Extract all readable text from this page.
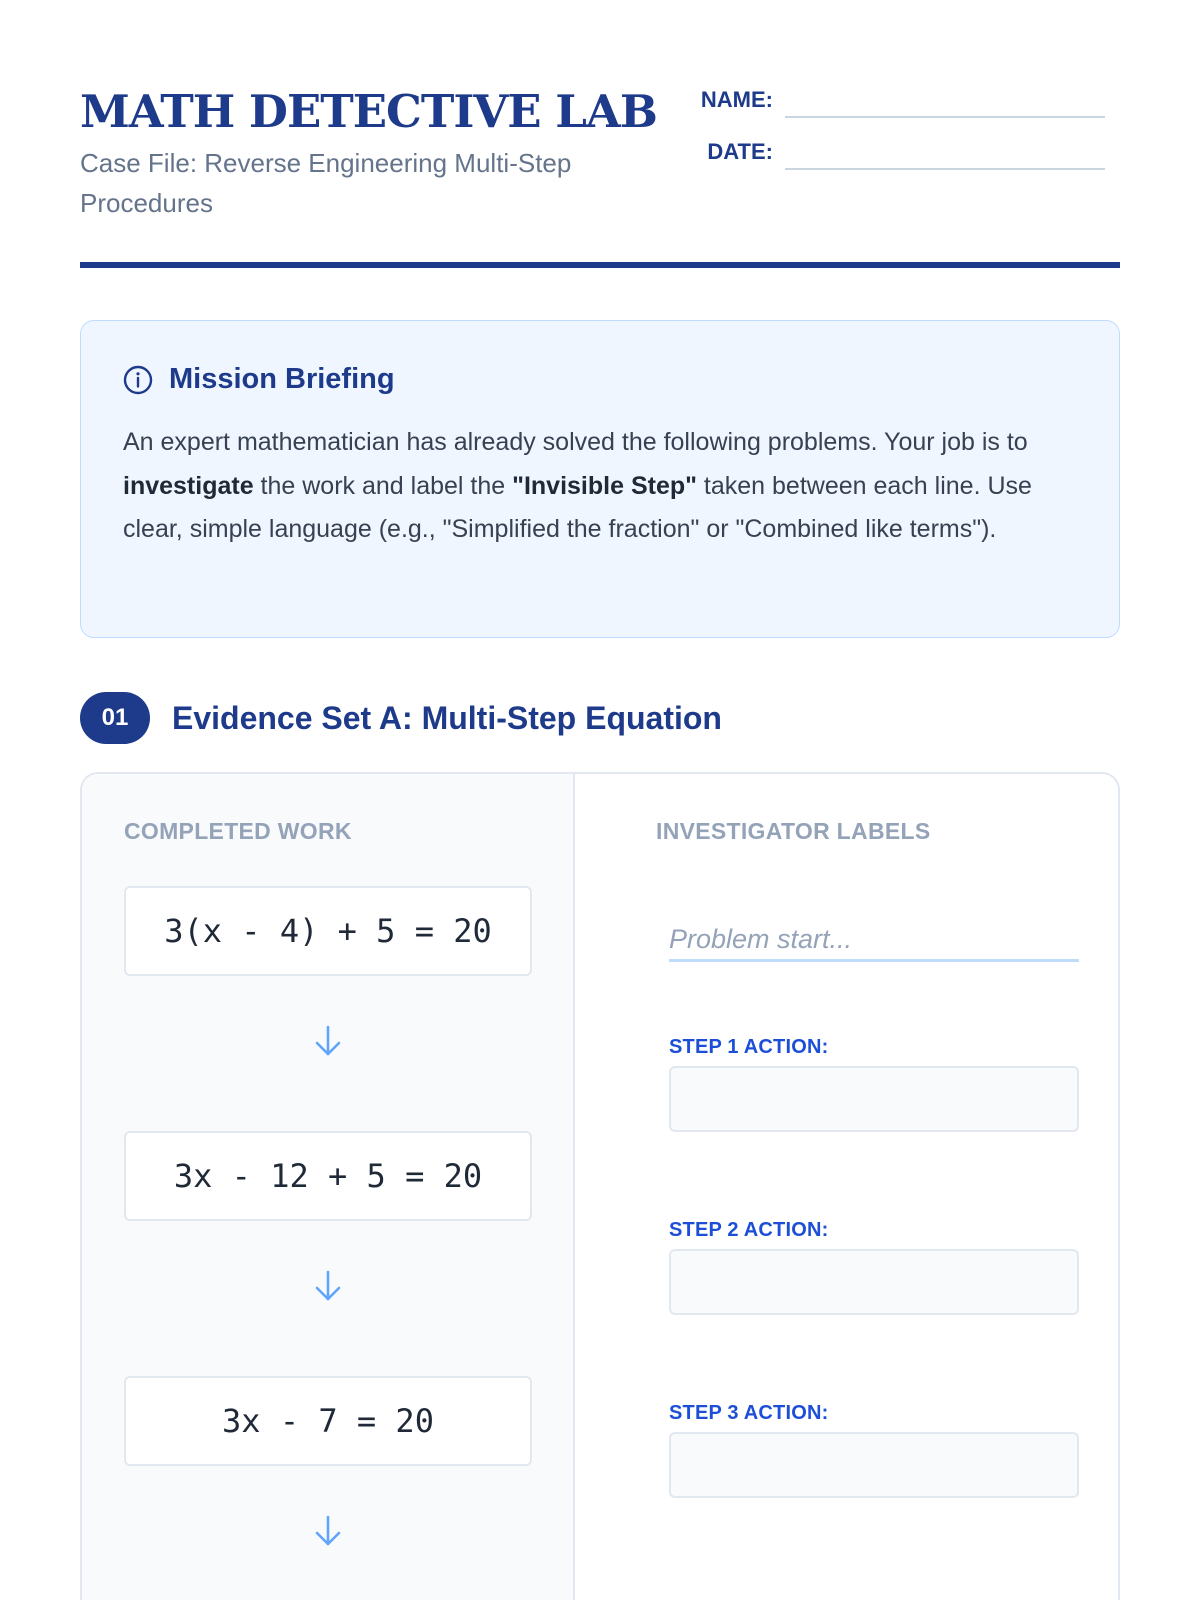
MATH DETECTIVE LAB
Case File: Reverse Engineering Multi-Step Procedures
NAME:
DATE:
Mission Briefing
An expert mathematician has already solved the following problems. Your job is to investigate the work and label the "Invisible Step" taken between each line. Use clear, simple language (e.g., "Simplified the fraction" or "Combined like terms").
01	Evidence Set A: Multi-Step Equation
COMPLETED WORK
3(x - 4) + 5 = 20
3x - 12 + 5 = 20
3x - 7 = 20
INVESTIGATOR LABELS
Problem start...
STEP 1 ACTION:
STEP 2 ACTION:
STEP 3 ACTION:
